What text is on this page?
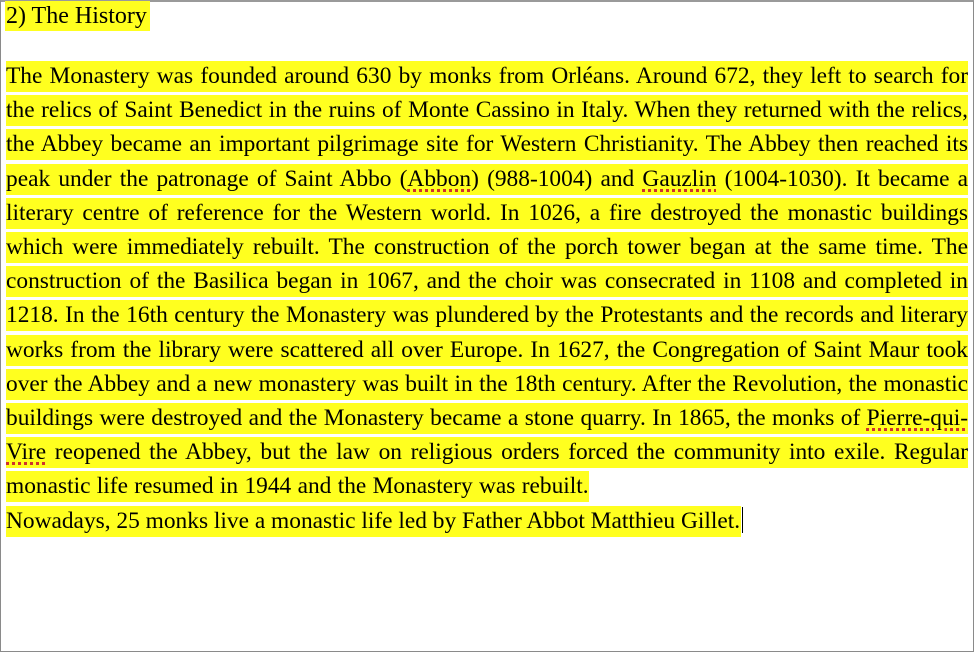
2) The History
The Monastery was founded around 630 by monks from Orléans. Around 672, they left to search for the relics of Saint Benedict in the ruins of Monte Cassino in Italy. When they returned with the relics, the Abbey became an important pilgrimage site for Western Christianity. The Abbey then reached its peak under the patronage of Saint Abbo (Abbon) (988-1004) and Gauzlin (1004-1030). It became a literary centre of reference for the Western world. In 1026, a fire destroyed the monastic buildings which were immediately rebuilt. The construction of the porch tower began at the same time. The construction of the Basilica began in 1067, and the choir was consecrated in 1108 and completed in 1218. In the 16th century the Monastery was plundered by the Protestants and the records and literary works from the library were scattered all over Europe. In 1627, the Congregation of Saint Maur took over the Abbey and a new monastery was built in the 18th century. After the Revolution, the monastic buildings were destroyed and the Monastery became a stone quarry. In 1865, the monks of Pierre-qui-Vire reopened the Abbey, but the law on religious orders forced the community into exile. Regular monastic life resumed in 1944 and the Monastery was rebuilt.
Nowadays, 25 monks live a monastic life led by Father Abbot Matthieu Gillet.
